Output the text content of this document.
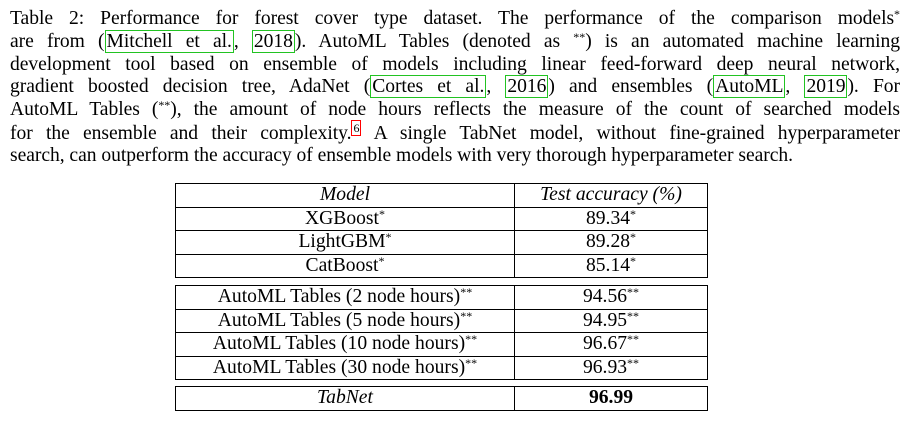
Table 2: Performance for forest cover type dataset. The performance of the comparison models*
are from ( Mitchell et al. , 2018 ). AutoML Tables (denoted as **) is an automated machine learning
development tool based on ensemble of models including linear feed-forward deep neural network,
gradient boosted decision tree, AdaNet ( Cortes et al. , 2016 ) and ensembles ( AutoML , 2019 ). For
AutoML Tables (**), the amount of node hours reflects the measure of the count of searched models
for the ensemble and their complexity. $^6$ A single TabNet model, without fine-grained hyperparameter
search, can outperform the accuracy of ensemble models with very thorough hyperparameter search.
Model	Test accuracy (%)
XGBoost*	89.34*
LightGBM*	89.28*
CatBoost*	85.14*
AutoML Tables (2 node hours)**	94.56**
AutoML Tables (5 node hours)**	94.95**
AutoML Tables (10 node hours)**	96.67**
AutoML Tables (30 node hours)**	96.93**
TabNet	96.99
